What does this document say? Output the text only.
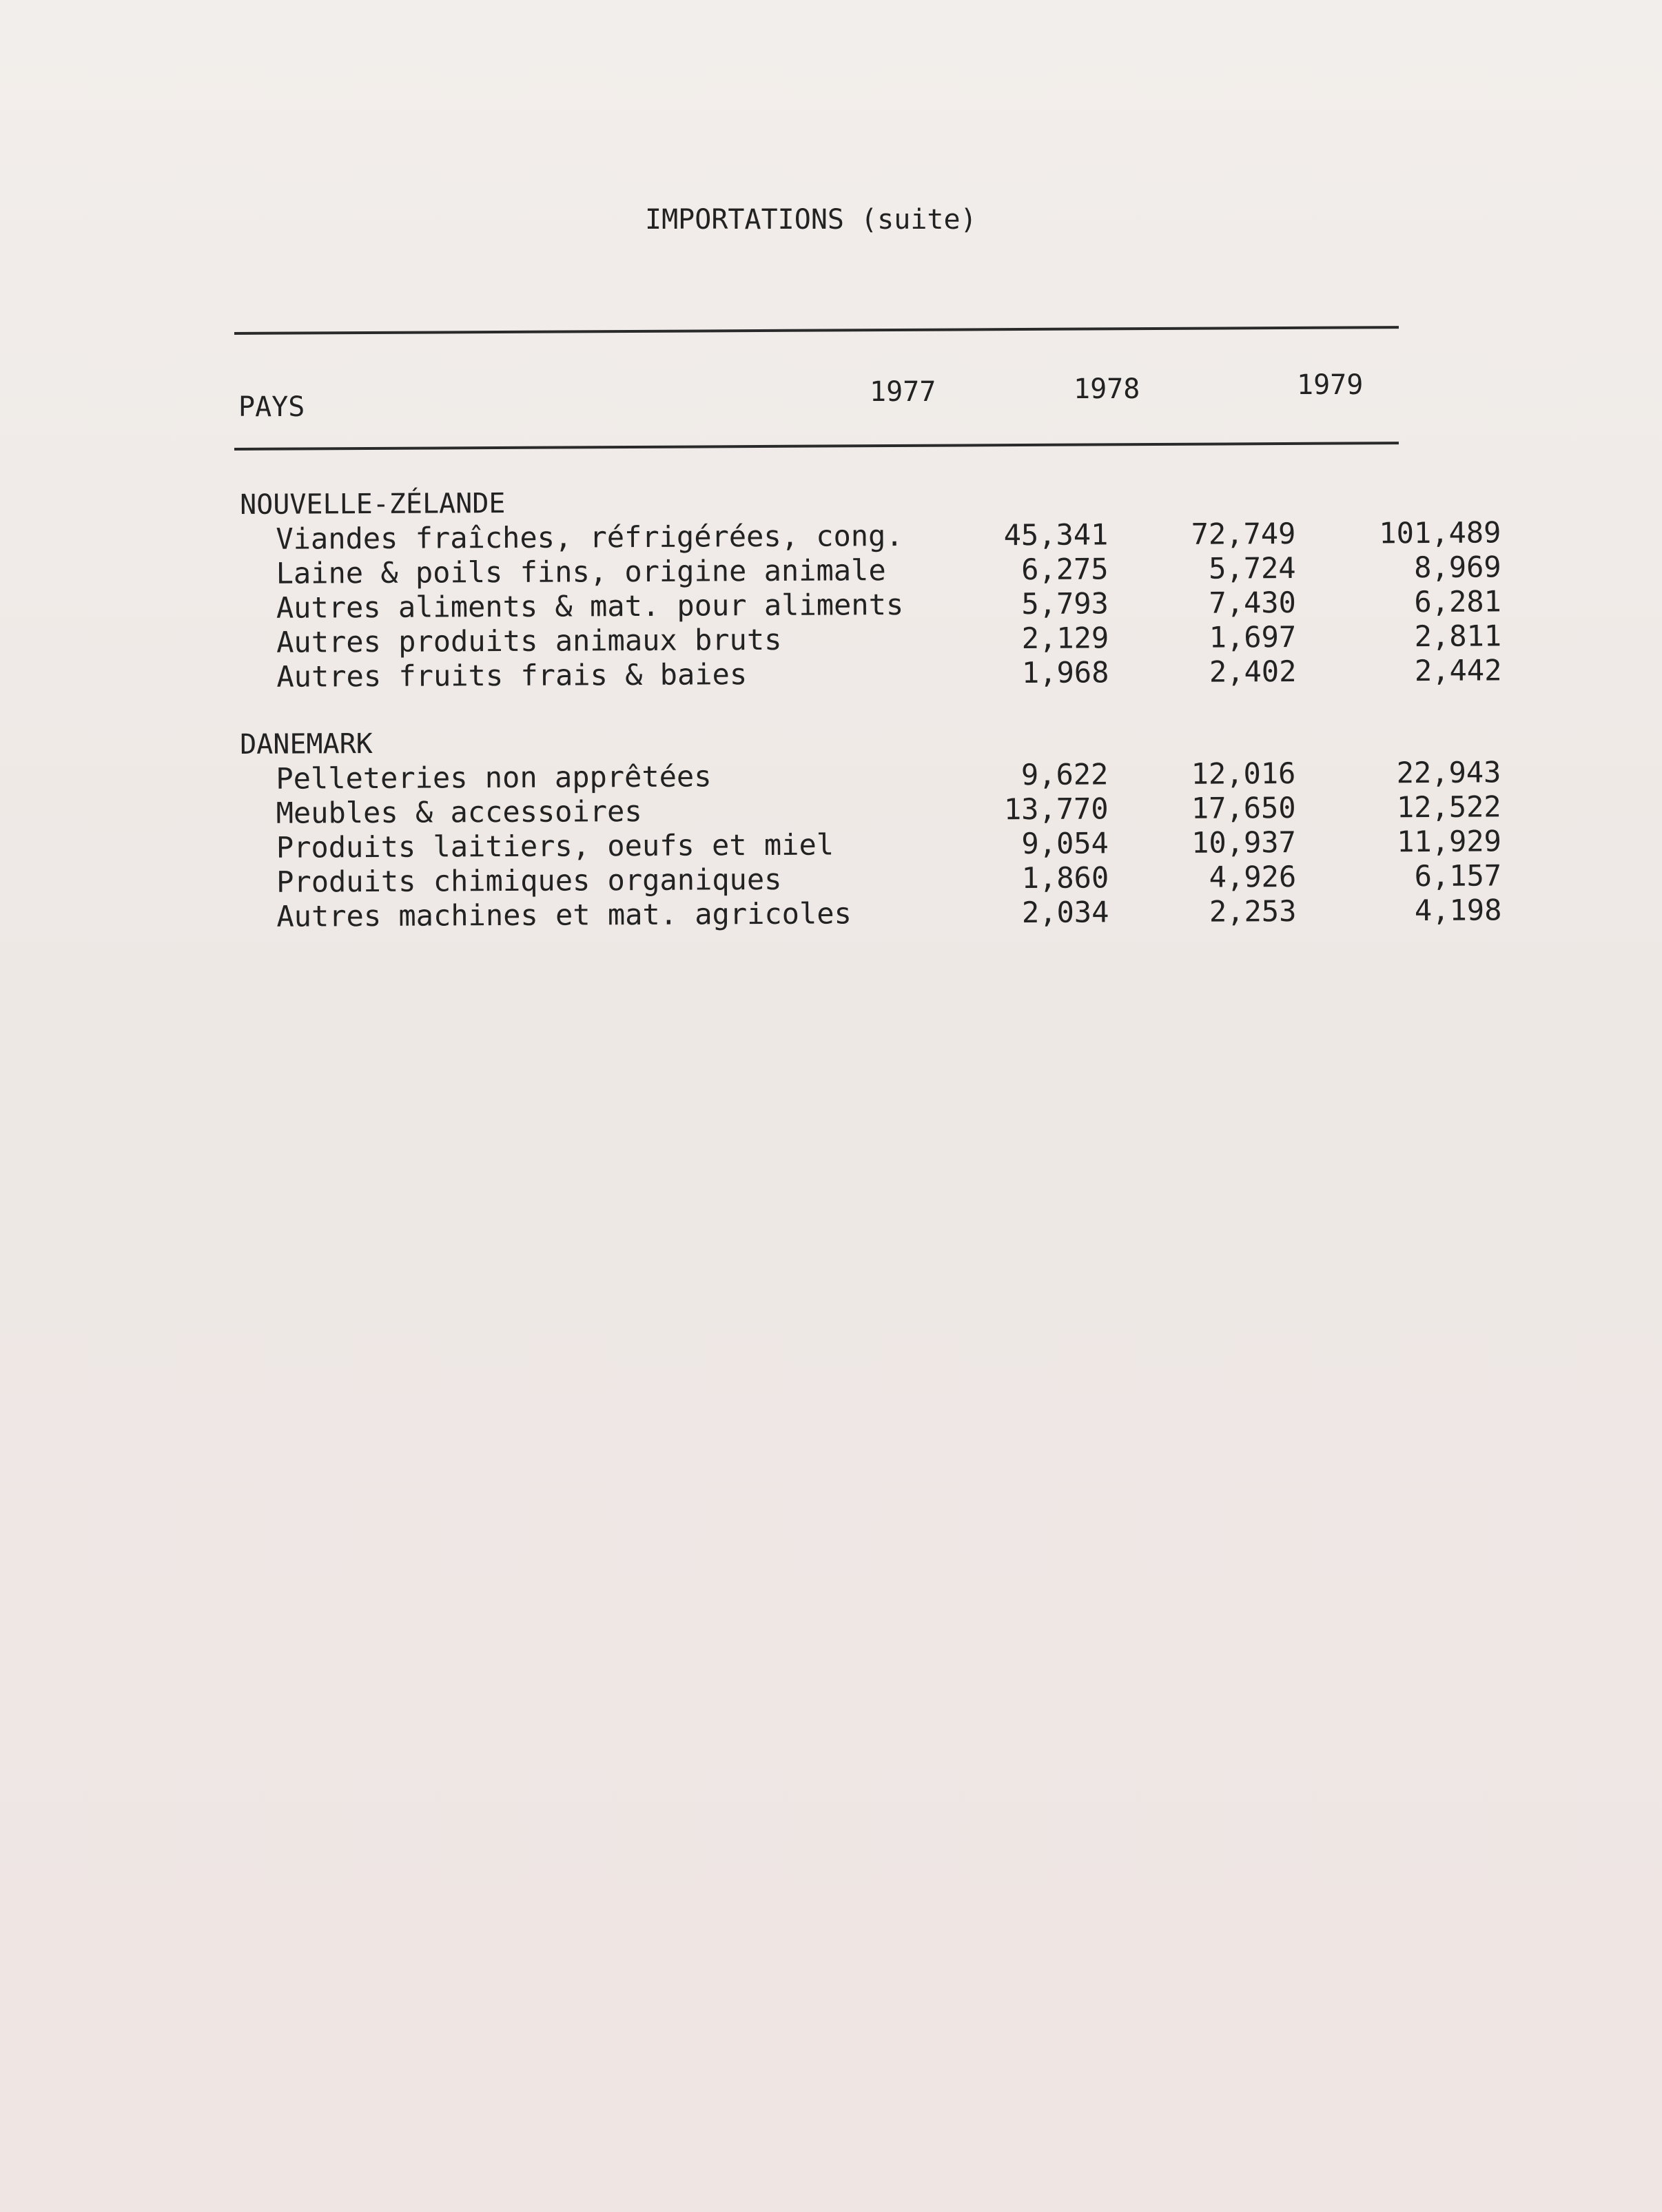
IMPORTATIONS (suite)
PAYS	1977	1978	1979
NOUVELLE-ZÉLANDE
Viandes fraîches, réfrigérées, cong.	45,341	72,749	101,489
Laine & poils fins, origine animale	6,275	5,724	8,969
Autres aliments & mat. pour aliments	5,793	7,430	6,281
Autres produits animaux bruts	2,129	1,697	2,811
Autres fruits frais & baies	1,968	2,402	2,442
DANEMARK
Pelleteries non apprêtées	9,622	12,016	22,943
Meubles & accessoires	13,770	17,650	12,522
Produits laitiers, oeufs et miel	9,054	10,937	11,929
Produits chimiques organiques	1,860	4,926	6,157
Autres machines et mat. agricoles	2,034	2,253	4,198
